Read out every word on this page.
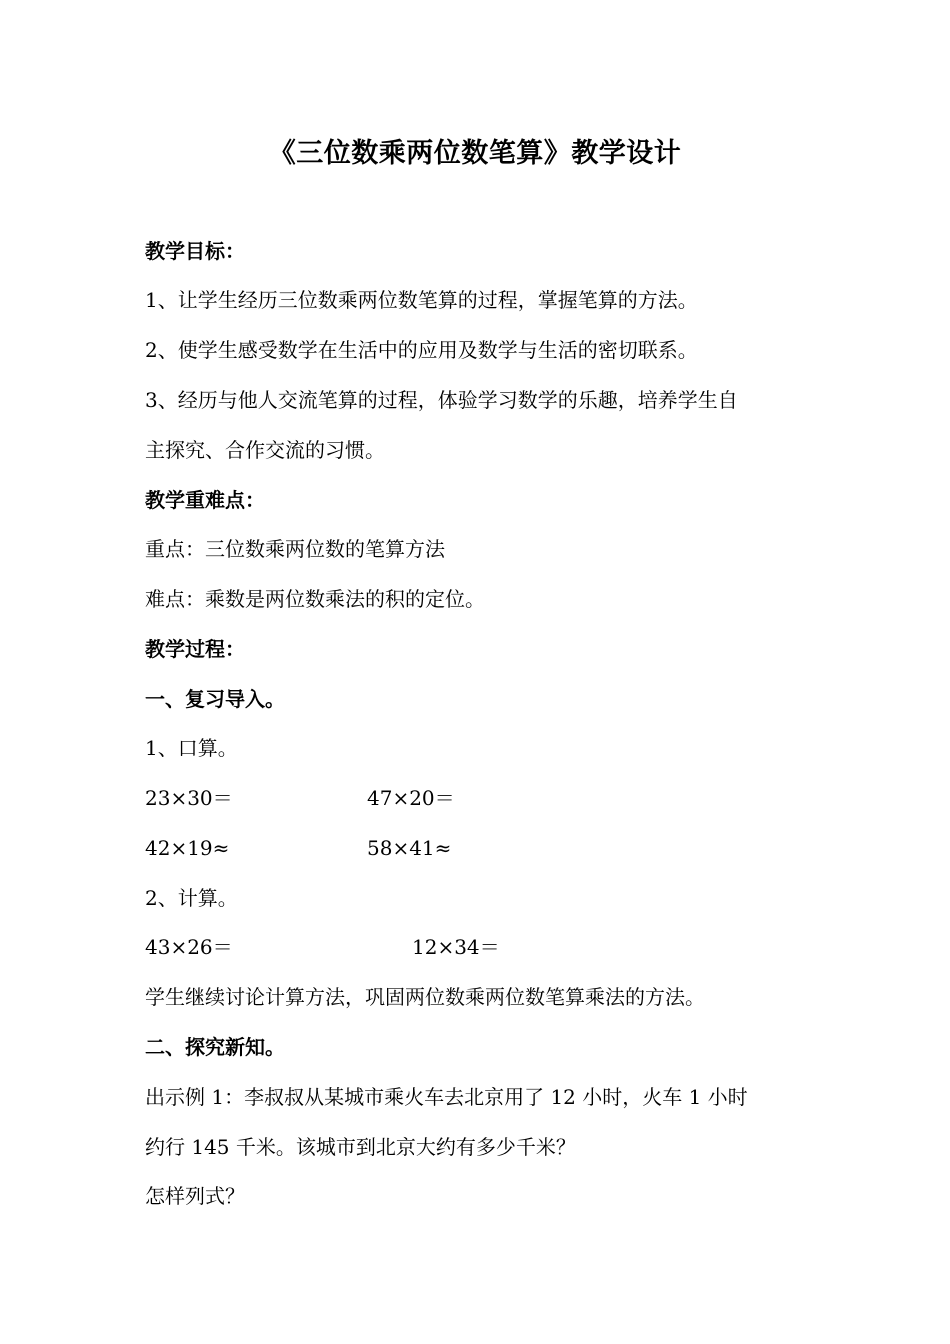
《三位数乘两位数笔算》教学设计
教学目标：
1、让学生经历三位数乘两位数笔算的过程，掌握笔算的方法。
2、使学生感受数学在生活中的应用及数学与生活的密切联系。
3、经历与他人交流笔算的过程，体验学习数学的乐趣，培养学生自
主探究、合作交流的习惯。
教学重难点：
重点：三位数乘两位数的笔算方法
难点：乘数是两位数乘法的积的定位。
教学过程：
一、复习导入。
1、口算。
23×30＝	47×20＝
42×19≈	58×41≈
2、计算。
43×26＝	12×34＝
学生继续讨论计算方法，巩固两位数乘两位数笔算乘法的方法。
二、探究新知。
出示例 1：李叔叔从某城市乘火车去北京用了 12 小时，火车 1 小时
约行 145 千米。该城市到北京大约有多少千米？
怎样列式？
